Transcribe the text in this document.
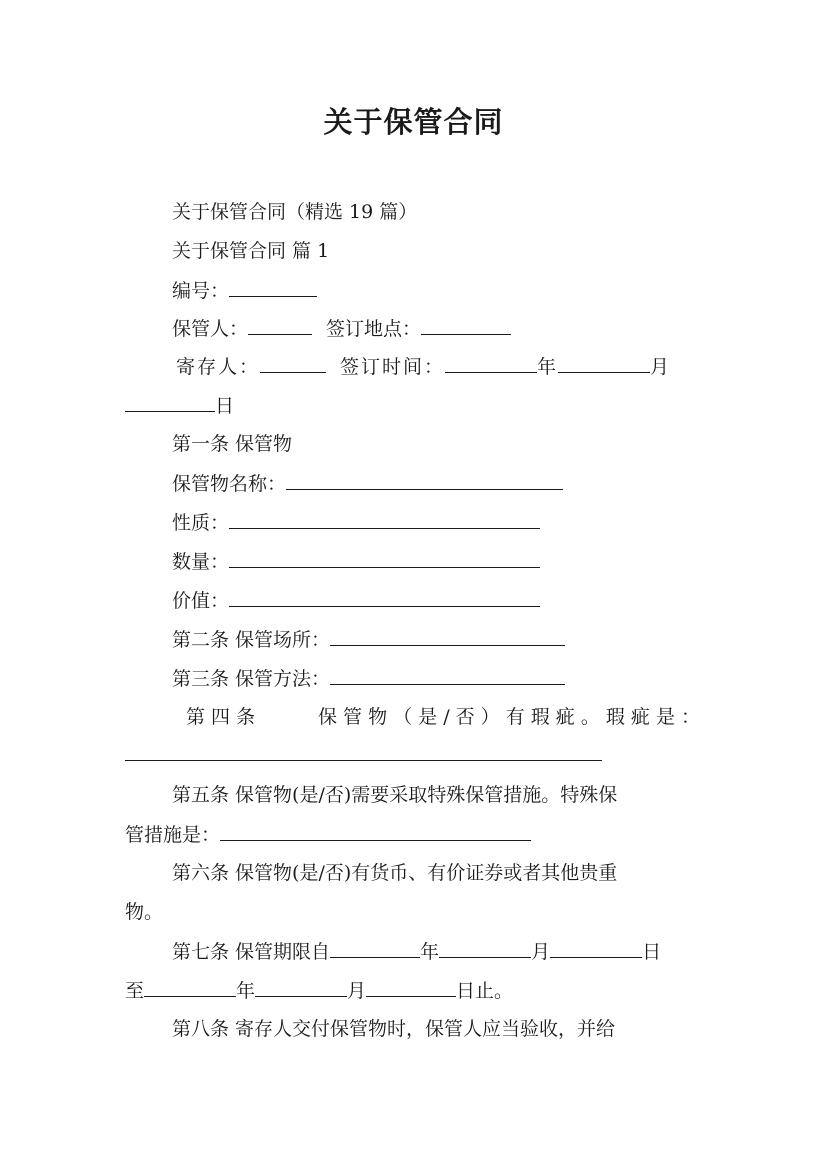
关于保管合同
关于保管合同（精选 19 篇）
关于保管合同 篇 1
编号：
保管人：	签订地点：
寄存人：	签订时间：	年	月
日
第一条 保管物
保管物名称：
性质：
数量：
价值：
第二条 保管场所：
第三条 保管方法：
第 四 条	保 管 物 （ 是 / 否 ） 有 瑕 疵 。 瑕 疵 是 ：
第五条 保管物(是/否)需要采取特殊保管措施。特殊保
管措施是：
第六条 保管物(是/否)有货币、有价证券或者其他贵重
物。
第七条 保管期限自	年	月	日
至	年	月	日止。
第八条 寄存人交付保管物时，保管人应当验收，并给
